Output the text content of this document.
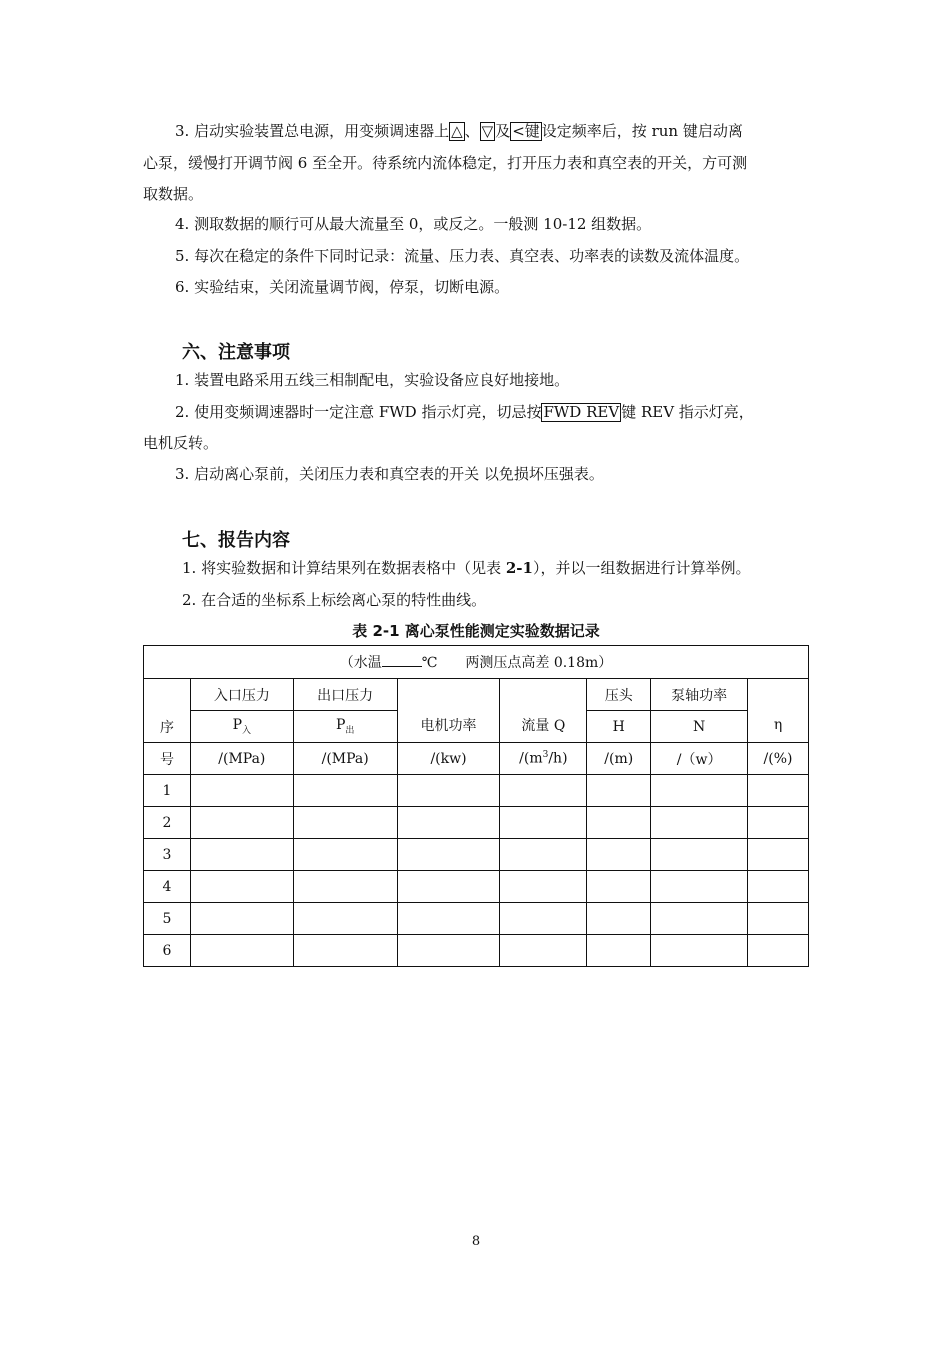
3. 启动实验装置总电源，用变频调速器上 △ 、 ▽ 及 <键 设定频率后，按 run 键启动离
心泵，缓慢打开调节阀 6 至全开。待系统内流体稳定，打开压力表和真空表的开关，方可测
取数据。
4. 测取数据的顺行可从最大流量至 0，或反之。一般测 10-12 组数据。
5. 每次在稳定的条件下同时记录：流量、压力表、真空表、功率表的读数及流体温度。
6. 实验结束，关闭流量调节阀，停泵，切断电源。
六、注意事项
1. 装置电路采用五线三相制配电，实验设备应良好地接地。
2. 使用变频调速器时一定注意 FWD 指示灯亮，切忌按 FWD REV 键 REV 指示灯亮，
电机反转。
3. 启动离心泵前，关闭压力表和真空表的开关 以免损坏压强表。
七、报告内容
1. 将实验数据和计算结果列在数据表格中（见表 2-1），并以一组数据进行计算举例。
2. 在合适的坐标系上标绘离心泵的特性曲线。
表 2-1 离心泵性能测定实验数据记录
（水温 ℃　　两测压点高差 0.18m）							
序	入口压力	出口压力	电机功率	流量 Q	压头	泵轴功率	η
	$P_入$	$P_出$			H	N	
号	/(MPa)	/(MPa)	/(kw)	$/(m^3/h)$	/(m)	/（w）	/(%)
1							
2							
3							
4							
5							
6							
8
